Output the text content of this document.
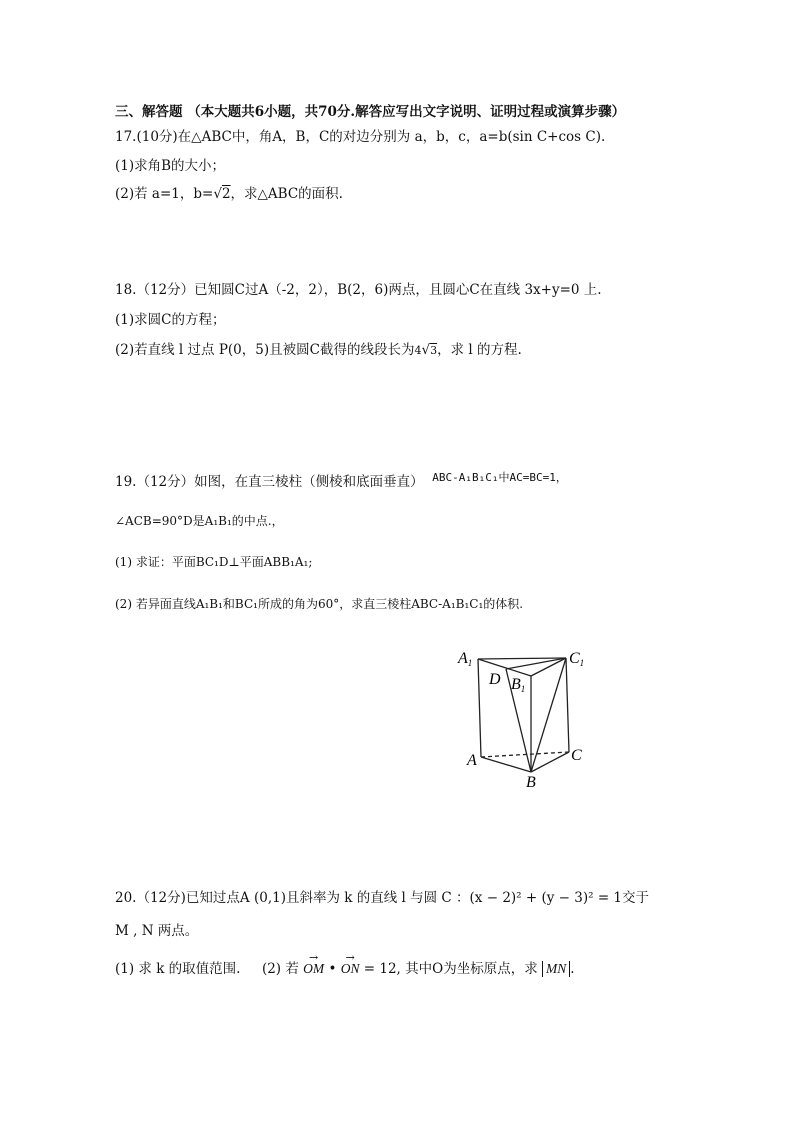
三、解答题 （本大题共6小题，共70分.解答应写出文字说明、证明过程或演算步骤）
17.(10分)在△ABC中，角A，B，C的对边分别为 a，b，c，a=b(sin C+cos C).
(1)求角B的大小；
(2)若 a=1，b=√2，求△ABC的面积.
18.（12分）已知圆C过A（-2，2），B(2，6)两点，且圆心C在直线 3x+y=0 上.
(1)求圆C的方程；
(2)若直线 l 过点 P(0，5)且被圆C截得的线段长为4√3，求 l 的方程.
19.（12分）如图，在直三棱柱（侧棱和底面垂直） $^{ABC-A_1B_1C_1中AC=BC=1,}$
∠ACB=90°D是A₁B₁的中点.，
(1) 求证：平面BC₁D⊥平面ABB₁A₁;
(2) 若异面直线A₁B₁和BC₁所成的角为60°，求直三棱柱ABC-A₁B₁C₁的体积.
A1
D B1
C1
A	C
B
20.（12分)已知过点A (0,1)且斜率为 k 的直线 l 与圆 C ：(x − 2)² + (y − 3)² = 1交于
M , N 两点。
(1) 求 k 的取值范围. (2) 若 → OM • → ON = 12, 其中O为坐标原点，求 MN .
